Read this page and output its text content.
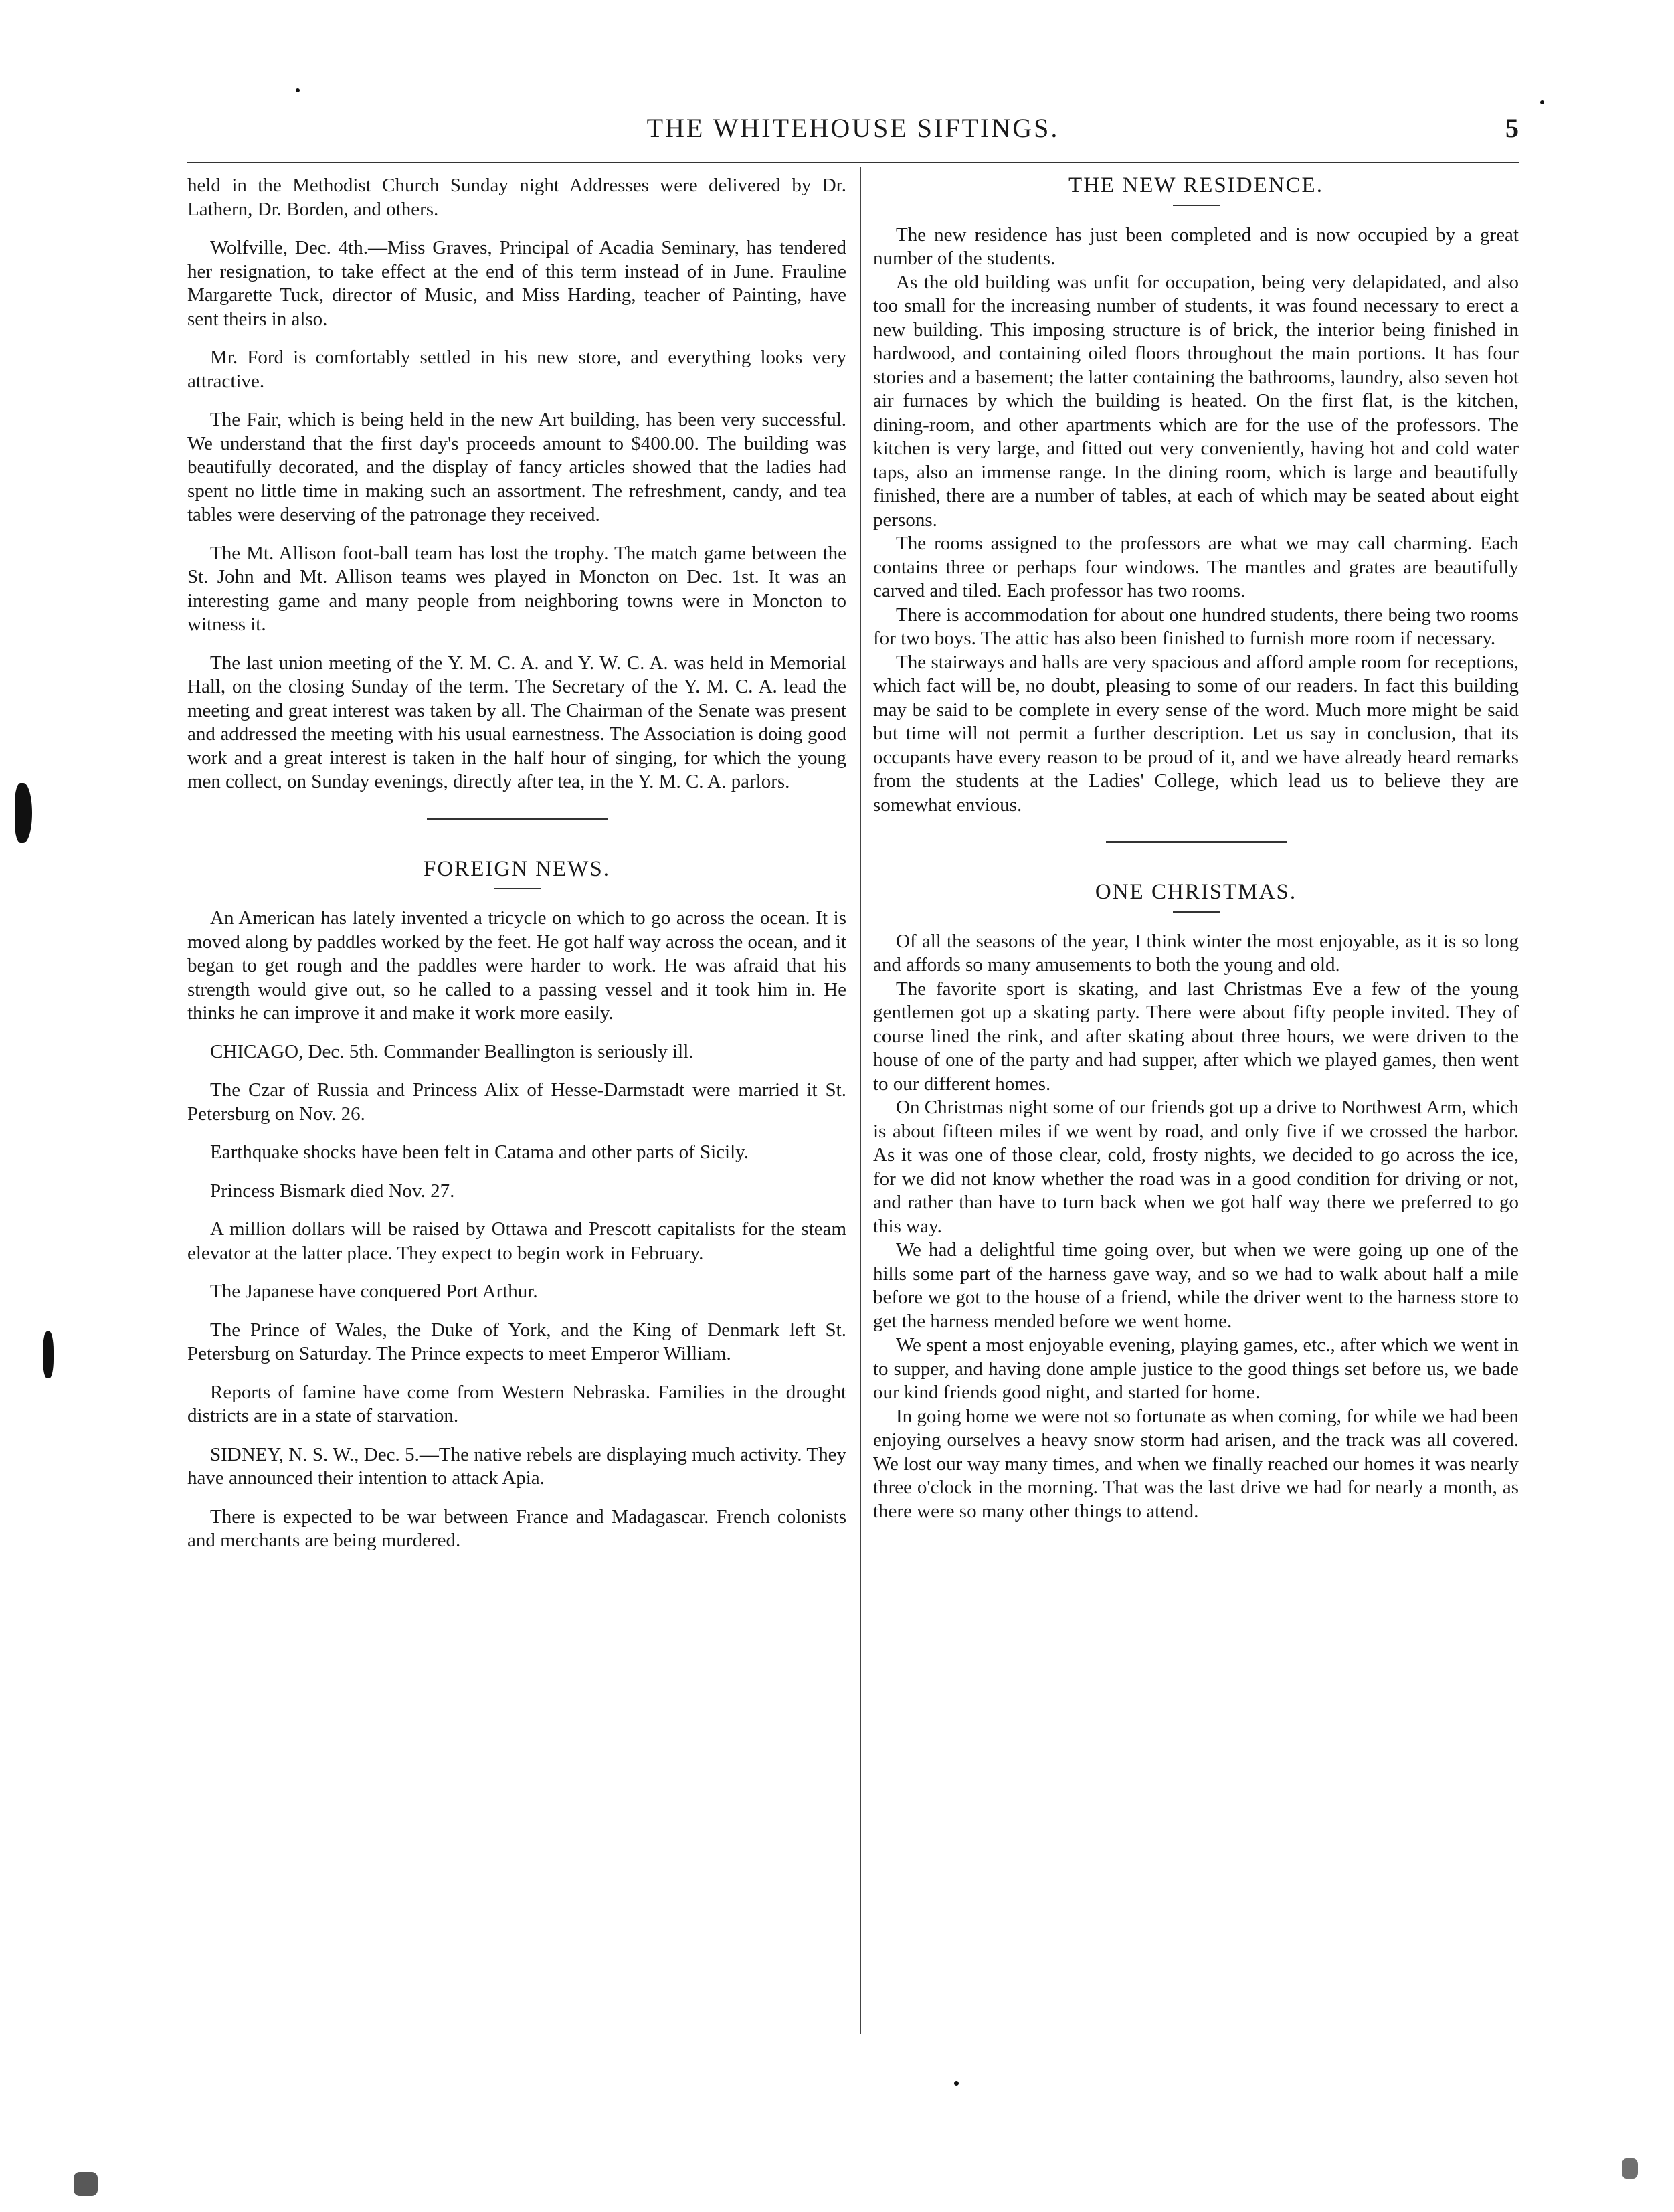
THE WHITEHOUSE SIFTINGS.	5

held in the Methodist Church Sunday night Addresses were delivered by Dr. Lathern, Dr. Borden, and others.

Wolfville, Dec. 4th.—Miss Graves, Principal of Acadia Seminary, has tendered her resignation, to take effect at the end of this term instead of in June. Frauline Margarette Tuck, director of Music, and Miss Harding, teacher of Painting, have sent theirs in also.

Mr. Ford is comfortably settled in his new store, and everything looks very attractive.

The Fair, which is being held in the new Art building, has been very successful. We understand that the first day's proceeds amount to $400.00. The building was beautifully decorated, and the display of fancy articles showed that the ladies had spent no little time in making such an assortment. The refreshment, candy, and tea tables were deserving of the patronage they received.

The Mt. Allison foot-ball team has lost the trophy. The match game between the St. John and Mt. Allison teams wes played in Moncton on Dec. 1st. It was an interesting game and many people from neighboring towns were in Moncton to witness it.

The last union meeting of the Y. M. C. A. and Y. W. C. A. was held in Memorial Hall, on the closing Sunday of the term. The Secretary of the Y. M. C. A. lead the meeting and great interest was taken by all. The Chairman of the Senate was present and addressed the meeting with his usual earnestness. The Association is doing good work and a great interest is taken in the half hour of singing, for which the young men collect, on Sunday evenings, directly after tea, in the Y. M. C. A. parlors.

FOREIGN NEWS.

An American has lately invented a tricycle on which to go across the ocean. It is moved along by paddles worked by the feet. He got half way across the ocean, and it began to get rough and the paddles were harder to work. He was afraid that his strength would give out, so he called to a passing vessel and it took him in. He thinks he can improve it and make it work more easily.

CHICAGO, Dec. 5th. Commander Beallington is seriously ill.

The Czar of Russia and Princess Alix of Hesse-Darmstadt were married it St. Petersburg on Nov. 26.

Earthquake shocks have been felt in Catama and other parts of Sicily.

Princess Bismark died Nov. 27.

A million dollars will be raised by Ottawa and Prescott capitalists for the steam elevator at the latter place. They expect to begin work in February.

The Japanese have conquered Port Arthur.

The Prince of Wales, the Duke of York, and the King of Denmark left St. Petersburg on Saturday. The Prince expects to meet Emperor William.

Reports of famine have come from Western Nebraska. Families in the drought districts are in a state of starvation.

SIDNEY, N. S. W., Dec. 5.—The native rebels are displaying much activity. They have announced their intention to attack Apia.

There is expected to be war between France and Madagascar. French colonists and merchants are being murdered.

THE NEW RESIDENCE.

The new residence has just been completed and is now occupied by a great number of the students.

As the old building was unfit for occupation, being very delapidated, and also too small for the increasing number of students, it was found necessary to erect a new building. This imposing structure is of brick, the interior being finished in hardwood, and containing oiled floors throughout the main portions. It has four stories and a basement; the latter containing the bathrooms, laundry, also seven hot air furnaces by which the building is heated. On the first flat, is the kitchen, dining-room, and other apartments which are for the use of the professors. The kitchen is very large, and fitted out very conveniently, having hot and cold water taps, also an immense range. In the dining room, which is large and beautifully finished, there are a number of tables, at each of which may be seated about eight persons.

The rooms assigned to the professors are what we may call charming. Each contains three or perhaps four windows. The mantles and grates are beautifully carved and tiled. Each professor has two rooms.

There is accommodation for about one hundred students, there being two rooms for two boys. The attic has also been finished to furnish more room if necessary.

The stairways and halls are very spacious and afford ample room for receptions, which fact will be, no doubt, pleasing to some of our readers. In fact this building may be said to be complete in every sense of the word. Much more might be said but time will not permit a further description. Let us say in conclusion, that its occupants have every reason to be proud of it, and we have already heard remarks from the students at the Ladies' College, which lead us to believe they are somewhat envious.

ONE CHRISTMAS.

Of all the seasons of the year, I think winter the most enjoyable, as it is so long and affords so many amusements to both the young and old.

The favorite sport is skating, and last Christmas Eve a few of the young gentlemen got up a skating party. There were about fifty people invited. They of course lined the rink, and after skating about three hours, we were driven to the house of one of the party and had supper, after which we played games, then went to our different homes.

On Christmas night some of our friends got up a drive to Northwest Arm, which is about fifteen miles if we went by road, and only five if we crossed the harbor. As it was one of those clear, cold, frosty nights, we decided to go across the ice, for we did not know whether the road was in a good condition for driving or not, and rather than have to turn back when we got half way there we preferred to go this way.

We had a delightful time going over, but when we were going up one of the hills some part of the harness gave way, and so we had to walk about half a mile before we got to the house of a friend, while the driver went to the harness store to get the harness mended before we went home.

We spent a most enjoyable evening, playing games, etc., after which we went in to supper, and having done ample justice to the good things set before us, we bade our kind friends good night, and started for home.

In going home we were not so fortunate as when coming, for while we had been enjoying ourselves a heavy snow storm had arisen, and the track was all covered. We lost our way many times, and when we finally reached our homes it was nearly three o'clock in the morning. That was the last drive we had for nearly a month, as there were so many other things to attend.
